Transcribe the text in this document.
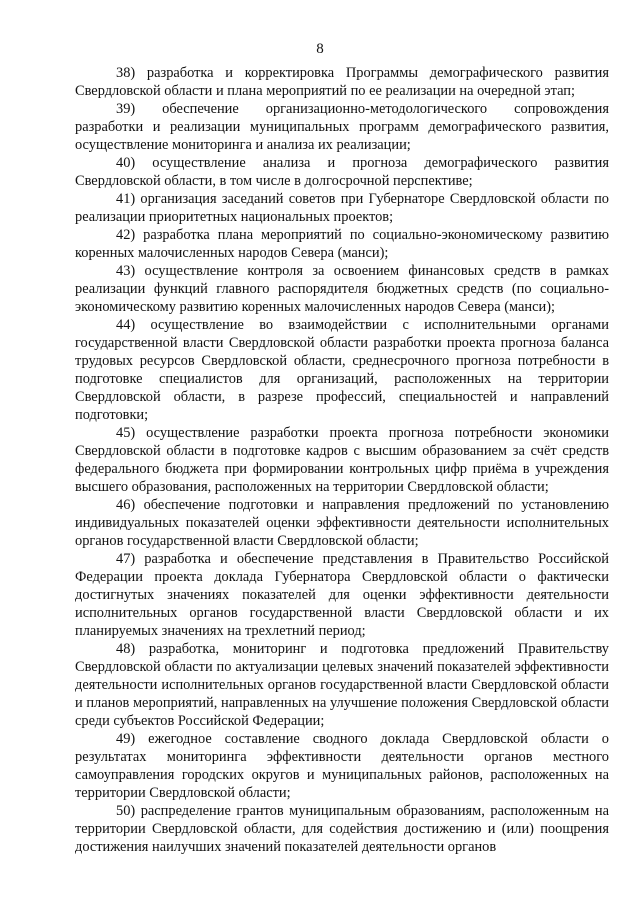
8

38) разработка и корректировка Программы демографического развития Свердловской области и плана мероприятий по ее реализации на очередной этап;

39) обеспечение организационно-методологического сопровождения разработки и реализации муниципальных программ демографического развития, осуществление мониторинга и анализа их реализации;

40) осуществление анализа и прогноза демографического развития Свердловской области, в том числе в долгосрочной перспективе;

41) организация заседаний советов при Губернаторе Свердловской области по реализации приоритетных национальных проектов;

42) разработка плана мероприятий по социально-экономическому развитию коренных малочисленных народов Севера (манси);

43) осуществление контроля за освоением финансовых средств в рамках реализации функций главного распорядителя бюджетных средств (по социально-экономическому развитию коренных малочисленных народов Севера (манси);

44) осуществление во взаимодействии с исполнительными органами государственной власти Свердловской области разработки проекта прогноза баланса трудовых ресурсов Свердловской области, среднесрочного прогноза потребности в подготовке специалистов для организаций, расположенных на территории Свердловской области, в разрезе профессий, специальностей и направлений подготовки;

45) осуществление разработки проекта прогноза потребности экономики Свердловской области в подготовке кадров с высшим образованием за счёт средств федерального бюджета при формировании контрольных цифр приёма в учреждения высшего образования, расположенных на территории Свердловской области;

46) обеспечение подготовки и направления предложений по установлению индивидуальных показателей оценки эффективности деятельности исполнительных органов государственной власти Свердловской области;

47) разработка и обеспечение представления в Правительство Российской Федерации проекта доклада Губернатора Свердловской области о фактически достигнутых значениях показателей для оценки эффективности деятельности исполнительных органов государственной власти Свердловской области и их планируемых значениях на трехлетний период;

48) разработка, мониторинг и подготовка предложений Правительству Свердловской области по актуализации целевых значений показателей эффективности деятельности исполнительных органов государственной власти Свердловской области и планов мероприятий, направленных на улучшение положения Свердловской области среди субъектов Российской Федерации;

49) ежегодное составление сводного доклада Свердловской области о результатах мониторинга эффективности деятельности органов местного самоуправления городских округов и муниципальных районов, расположенных на территории Свердловской области;

50) распределение грантов муниципальным образованиям, расположенным на территории Свердловской области, для содействия достижению и (или) поощрения достижения наилучших значений показателей деятельности органов
